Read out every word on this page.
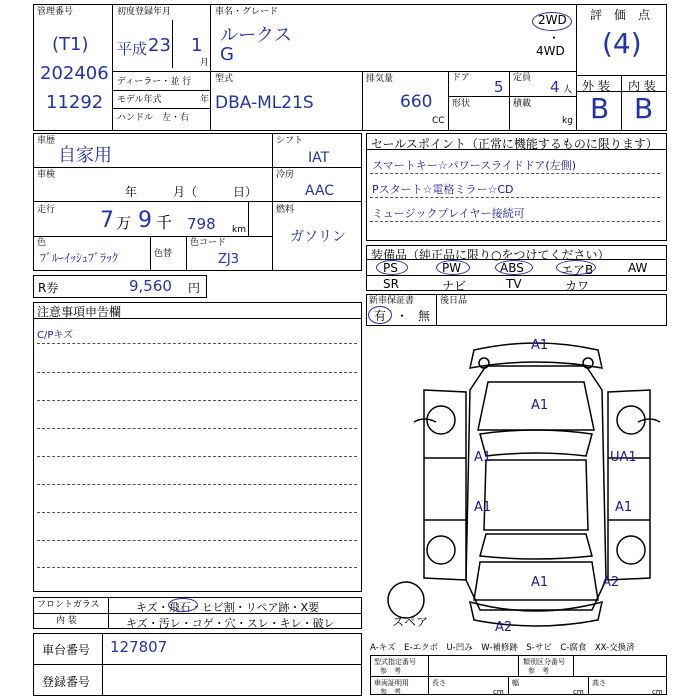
管理番号
(T1)
202406
11292
初度登録年月
平成 23 1
月
車名・グレード
ルークス
G
2WD
・
4WD
評　価　点
(4)
外 装 内 装
B B
ディーラー・並 行
モデル年式	年
ハンドル　左・右
型式
DBA-ML21S
排気量
660
CC
ドア 5 定員 4 人
形状	積載
kg
車歴
自家用
車検
年　　　月（　　　日）
走行 7 万 9 千 798 km
色
ﾌﾞﾙｰｲｯｼｭﾌﾞﾗｯｸ	色替
色コード
ZJ3
シフト
IAT
冷房
AAC
燃料
ガソリン
R券	9,560 円
セールスポイント（正常に機能するものに限ります）
スマートキー☆パワースライドドア(左側)
Pスタート☆電格ミラー☆CD
ミュージックプレイヤー接続可
装備品（純正品に限り○をつけてください）
PS	PW	ABS	エアB	AW
SR	ナビ	TV	カワ
新車保証書	後日品
有 ・ 無
注意事項申告欄
C/Pキズ
A1
A1
A1	UA1
A1	A1
A1	A2
A2
スペア
A-キズ　E-エクボ　U-凹み　W-補修跡　S-サビ　C-腐食　XX-交換済
フロントガラス	キズ・飛石・ヒビ割・リペア跡・X要
内 装	キズ・汚レ・コゲ・穴・スレ・キレ・破レ
車台番号 127807
登録番号
型式指定番号
参　考
類別区分番号
参　考
車両証明用
参　考
長さ
cm
幅
cm
高さ
cm
